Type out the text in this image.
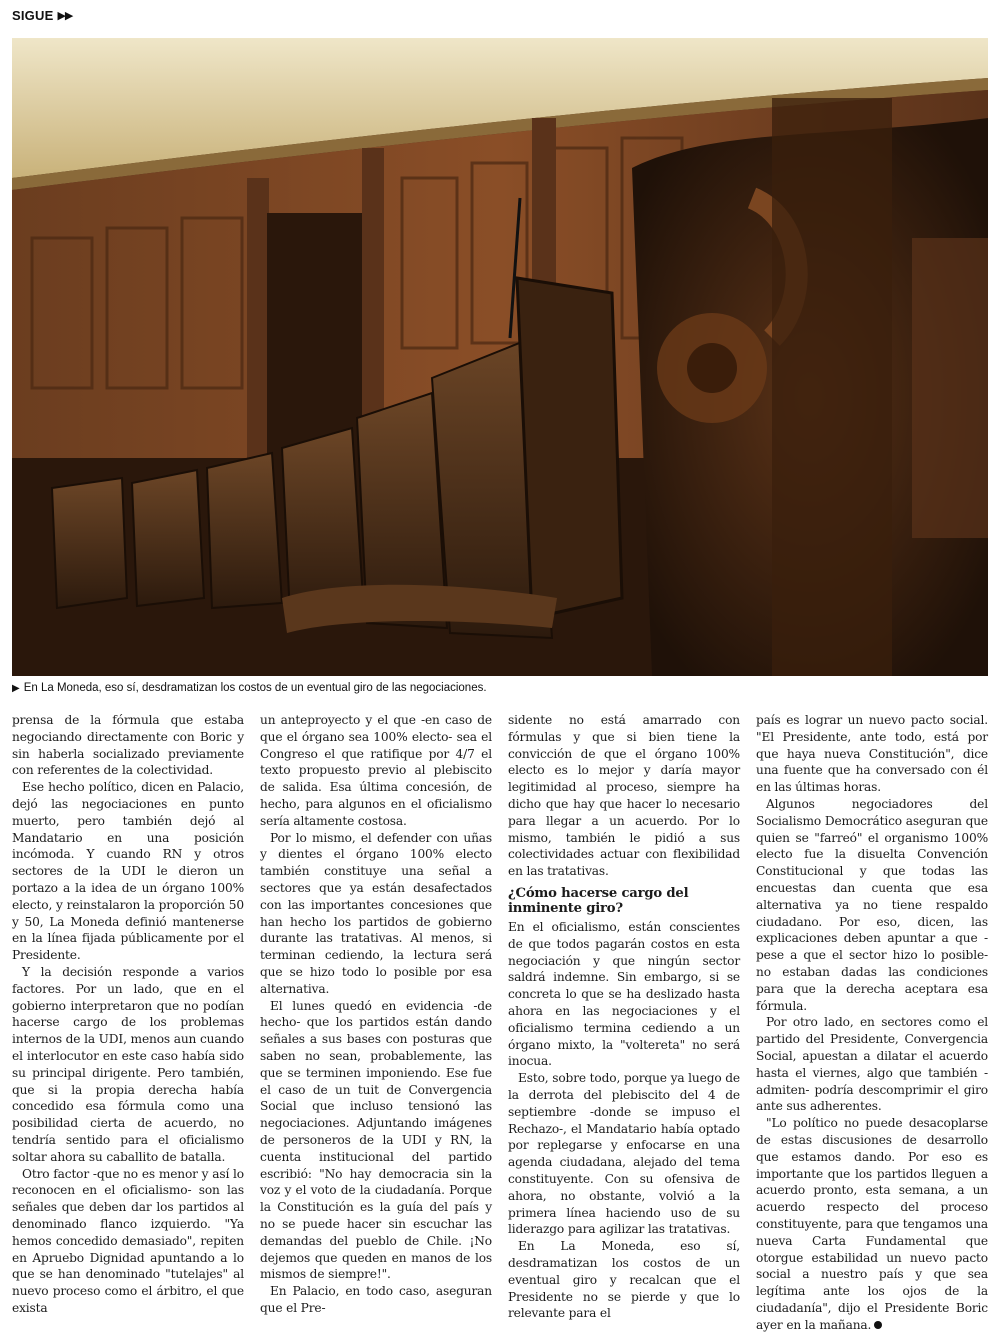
SIGUE ▶▶
▶ En La Moneda, eso sí, desdramatizan los costos de un eventual giro de las negociaciones.

prensa de la fórmula que estaba negociando directamente con Boric y sin haberla socializado previamente con referentes de la colectividad.

Ese hecho político, dicen en Palacio, dejó las negociaciones en punto muerto, pero también dejó al Mandatario en una posición incómoda. Y cuando RN y otros sectores de la UDI le dieron un portazo a la idea de un órgano 100% electo, y reinstalaron la proporción 50 y 50, La Moneda definió mantenerse en la línea fijada públicamente por el Presidente.

Y la decisión responde a varios factores. Por un lado, que en el gobierno interpretaron que no podían hacerse cargo de los problemas internos de la UDI, menos aun cuando el interlocutor en este caso había sido su principal dirigente. Pero también, que si la propia derecha había concedido esa fórmula como una posibilidad cierta de acuerdo, no tendría sentido para el oficialismo soltar ahora su caballito de batalla.

Otro factor -que no es menor y así lo reconocen en el oficialismo- son las señales que deben dar los partidos al denominado flanco izquierdo. "Ya hemos concedido demasiado", repiten en Apruebo Dignidad apuntando a lo que se han denominado "tutelajes" al nuevo proceso como el árbitro, el que exista

un anteproyecto y el que -en caso de que el órgano sea 100% electo- sea el Congreso el que ratifique por 4/7 el texto propuesto previo al plebiscito de salida. Esa última concesión, de hecho, para algunos en el oficialismo sería altamente costosa.

Por lo mismo, el defender con uñas y dientes el órgano 100% electo también constituye una señal a sectores que ya están desafectados con las importantes concesiones que han hecho los partidos de gobierno durante las tratativas. Al menos, si terminan cediendo, la lectura será que se hizo todo lo posible por esa alternativa.

El lunes quedó en evidencia -de hecho- que los partidos están dando señales a sus bases con posturas que saben no sean, probablemente, las que se terminen imponiendo. Ese fue el caso de un tuit de Convergencia Social que incluso tensionó las negociaciones. Adjuntando imágenes de personeros de la UDI y RN, la cuenta institucional del partido escribió: "No hay democracia sin la voz y el voto de la ciudadanía. Porque la Constitución es la guía del país y no se puede hacer sin escuchar las demandas del pueblo de Chile. ¡No dejemos que queden en manos de los mismos de siempre!".

En Palacio, en todo caso, aseguran que el Pre-

sidente no está amarrado con fórmulas y que si bien tiene la convicción de que el órgano 100% electo es lo mejor y daría mayor legitimidad al proceso, siempre ha dicho que hay que hacer lo necesario para llegar a un acuerdo. Por lo mismo, también le pidió a sus colectividades actuar con flexibilidad en las tratativas.

¿Cómo hacerse cargo del inminente giro?

En el oficialismo, están conscientes de que todos pagarán costos en esta negociación y que ningún sector saldrá indemne. Sin embargo, si se concreta lo que se ha deslizado hasta ahora en las negociaciones y el oficialismo termina cediendo a un órgano mixto, la "voltereta" no será inocua.

Esto, sobre todo, porque ya luego de la derrota del plebiscito del 4 de septiembre -donde se impuso el Rechazo-, el Mandatario había optado por replegarse y enfocarse en una agenda ciudadana, alejado del tema constituyente. Con su ofensiva de ahora, no obstante, volvió a la primera línea haciendo uso de su liderazgo para agilizar las tratativas.

En La Moneda, eso sí, desdramatizan los costos de un eventual giro y recalcan que el Presidente no se pierde y que lo relevante para el

país es lograr un nuevo pacto social. "El Presidente, ante todo, está por que haya nueva Constitución", dice una fuente que ha conversado con él en las últimas horas.

Algunos negociadores del Socialismo Democrático aseguran que quien se "farreó" el organismo 100% electo fue la disuelta Convención Constitucional y que todas las encuestas dan cuenta que esa alternativa ya no tiene respaldo ciudadano. Por eso, dicen, las explicaciones deben apuntar a que -pese a que el sector hizo lo posible- no estaban dadas las condiciones para que la derecha aceptara esa fórmula.

Por otro lado, en sectores como el partido del Presidente, Convergencia Social, apuestan a dilatar el acuerdo hasta el viernes, algo que también -admiten- podría descomprimir el giro ante sus adherentes.

"Lo político no puede desacoplarse de estas discusiones de desarrollo que estamos dando. Por eso es importante que los partidos lleguen a acuerdo pronto, esta semana, a un acuerdo respecto del proceso constituyente, para que tengamos una nueva Carta Fundamental que otorgue estabilidad un nuevo pacto social a nuestro país y que sea legítima ante los ojos de la ciudadanía", dijo el Presidente Boric ayer en la mañana.
